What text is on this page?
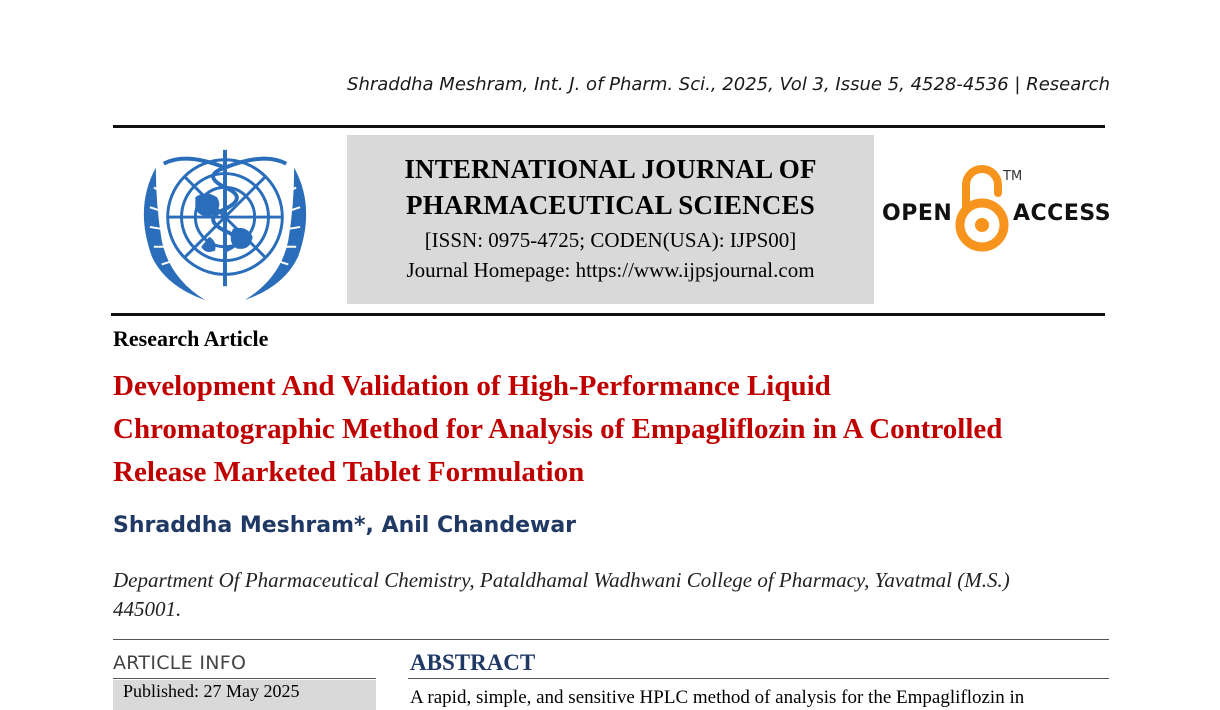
Shraddha Meshram, Int. J. of Pharm. Sci., 2025, Vol 3, Issue 5, 4528-4536 | Research
INTERNATIONAL JOURNAL OF
PHARMACEUTICAL SCIENCES
[ISSN: 0975-4725; CODEN(USA): IJPS00]
Journal Homepage: https://www.ijpsjournal.com
OPEN
TM
ACCESS
Research Article
Development And Validation of High-Performance Liquid
Chromatographic Method for Analysis of Empagliflozin in A Controlled
Release Marketed Tablet Formulation
Shraddha Meshram*, Anil Chandewar
Department Of Pharmaceutical Chemistry, Pataldhamal Wadhwani College of Pharmacy, Yavatmal (M.S.)
445001.
ARTICLE INFO
Published: 27 May 2025
ABSTRACT
A rapid, simple, and sensitive HPLC method of analysis for the Empagliflozin in
